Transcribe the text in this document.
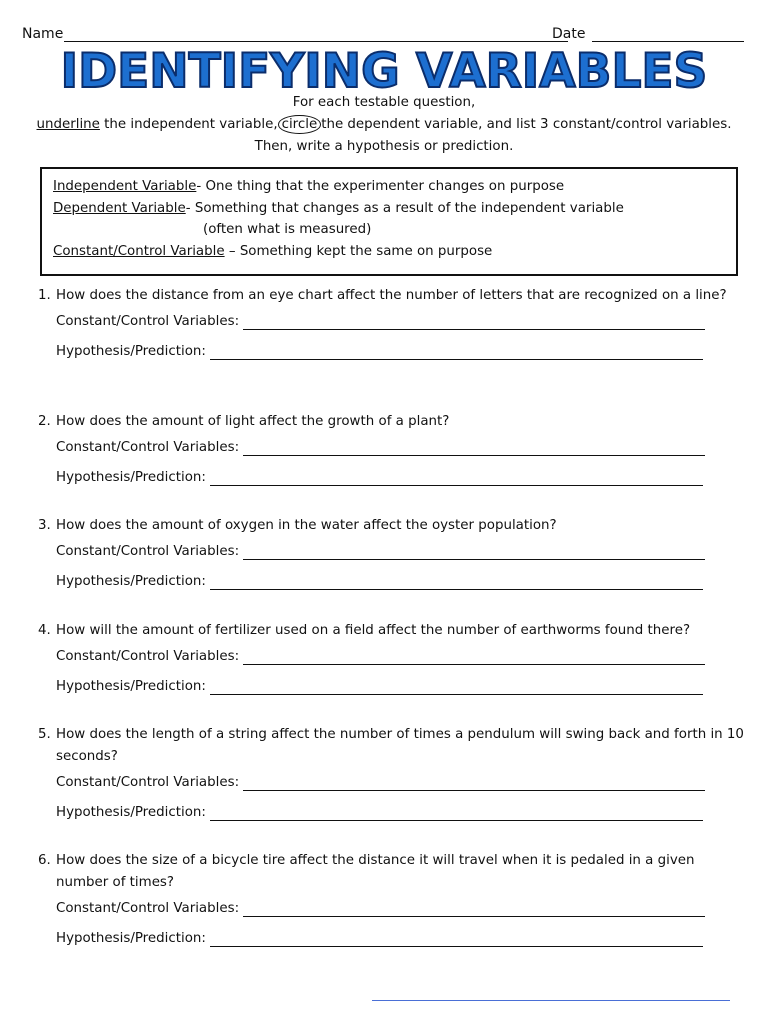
Name	Date
IDENTIFYING VARIABLES
For each testable question,
underline the independent variable, circle the dependent variable, and list 3 constant/control variables.
Then, write a hypothesis or prediction.
Independent Variable- One thing that the experimenter changes on purpose
Dependent Variable- Something that changes as a result of the independent variable
(often what is measured)
Constant/Control Variable – Something kept the same on purpose
1. How does the distance from an eye chart affect the number of letters that are recognized on a line?
Constant/Control Variables:
Hypothesis/Prediction:
2. How does the amount of light affect the growth of a plant?
Constant/Control Variables:
Hypothesis/Prediction:
3. How does the amount of oxygen in the water affect the oyster population?
Constant/Control Variables:
Hypothesis/Prediction:
4. How will the amount of fertilizer used on a field affect the number of earthworms found there?
Constant/Control Variables:
Hypothesis/Prediction:
5. How does the length of a string affect the number of times a pendulum will swing back and forth in 10 seconds?
Constant/Control Variables:
Hypothesis/Prediction:
6. How does the size of a bicycle tire affect the distance it will travel when it is pedaled in a given number of times?
Constant/Control Variables:
Hypothesis/Prediction:
